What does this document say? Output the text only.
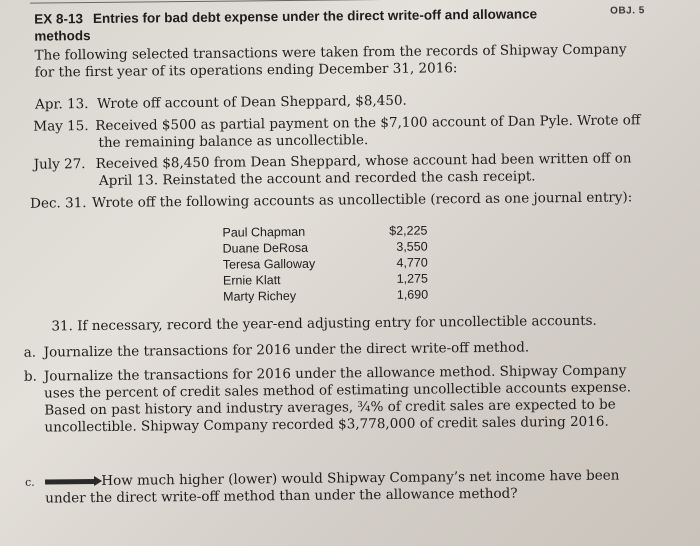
EX 8-13 Entries for bad debt expense under the direct write-off and allowance methods
OBJ. 5
The following selected transactions were taken from the records of Shipway Company for the first year of its operations ending December 31, 2016:
Apr. 13. Wrote off account of Dean Sheppard, $8,450.
May 15. Received $500 as partial payment on the $7,100 account of Dan Pyle. Wrote off
the remaining balance as uncollectible.
July 27. Received $8,450 from Dean Sheppard, whose account had been written off on
April 13. Reinstated the account and recorded the cash receipt.
Dec. 31. Wrote off the following accounts as uncollectible (record as one journal entry):
Paul Chapman	$2,225
Duane DeRosa	3,550
Teresa Galloway	4,770
Ernie Klatt	1,275
Marty Richey	1,690
31. If necessary, record the year-end adjusting entry for uncollectible accounts.
a. Journalize the transactions for 2016 under the direct write-off method.
b. Journalize the transactions for 2016 under the allowance method. Shipway Company uses the percent of credit sales method of estimating uncollectible accounts expense. Based on past history and industry averages, ¾% of credit sales are expected to be uncollectible. Shipway Company recorded $3,778,000 of credit sales during 2016.
c.	How much higher (lower) would Shipway Company’s net income have been under the direct write-off method than under the allowance method?
